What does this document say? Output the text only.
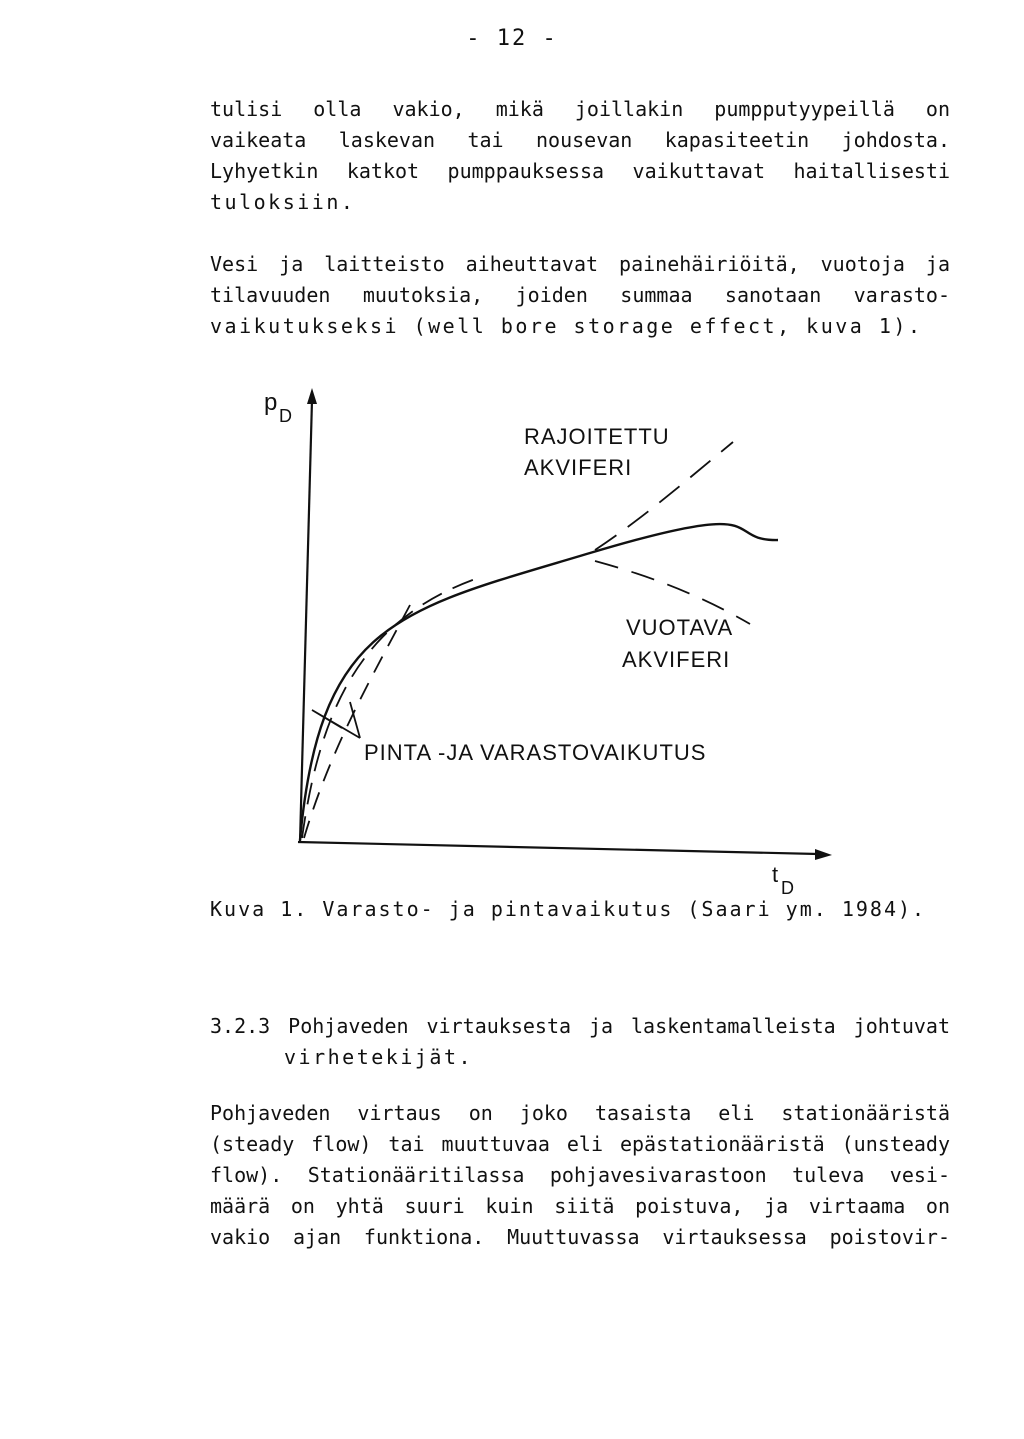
- 12 -
tulisi olla vakio, mikä joillakin pumpputyypeillä on
vaikeata laskevan tai nousevan kapasiteetin johdosta.
Lyhyetkin katkot pumppauksessa vaikuttavat haitallisesti
tuloksiin.
Vesi ja laitteisto aiheuttavat painehäiriöitä, vuotoja ja
tilavuuden muutoksia, joiden summaa sanotaan varasto-
vaikutukseksi (well bore storage effect, kuva 1).
p D
t
D
RAJOITETTU
AKVIFERI
VUOTAVA
AKVIFERI
PINTA -JA VARASTOVAIKUTUS
Kuva 1. Varasto- ja pintavaikutus (Saari ym. 1984).
3.2.3 Pohjaveden virtauksesta ja laskentamalleista johtuvat
virhetekijät.
Pohjaveden virtaus on joko tasaista eli stationääristä
(steady flow) tai muuttuvaa eli epästationääristä (unsteady
flow). Stationääritilassa pohjavesivarastoon tuleva vesi-
määrä on yhtä suuri kuin siitä poistuva, ja virtaama on
vakio ajan funktiona. Muuttuvassa virtauksessa poistovir-
